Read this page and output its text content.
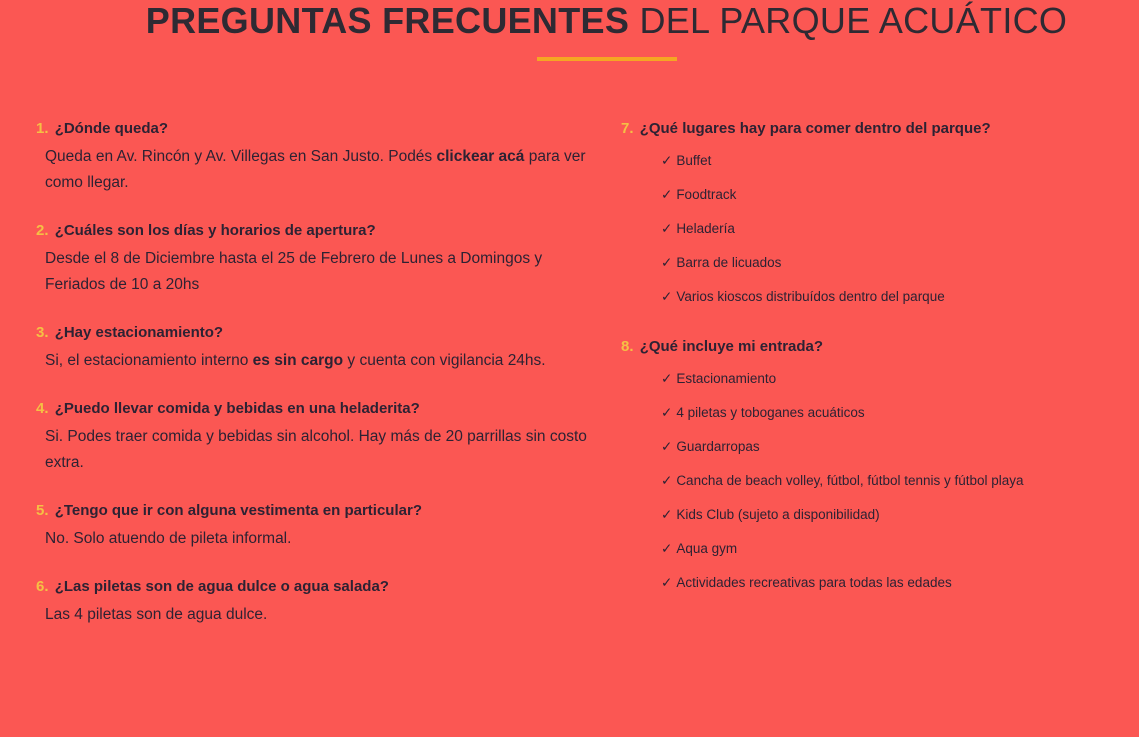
PREGUNTAS FRECUENTES DEL PARQUE ACUÁTICO
1. ¿Dónde queda?
Queda en Av. Rincón y Av. Villegas en San Justo. Podés clickear acá para ver como llegar.
2. ¿Cuáles son los días y horarios de apertura?
Desde el 8 de Diciembre hasta el 25 de Febrero de Lunes a Domingos y Feriados de 10 a 20hs
3. ¿Hay estacionamiento?
Si, el estacionamiento interno es sin cargo y cuenta con vigilancia 24hs.
4. ¿Puedo llevar comida y bebidas en una heladerita?
Si. Podes traer comida y bebidas sin alcohol. Hay más de 20 parrillas sin costo extra.
5. ¿Tengo que ir con alguna vestimenta en particular?
No. Solo atuendo de pileta informal.
6. ¿Las piletas son de agua dulce o agua salada?
Las 4 piletas son de agua dulce.
7. ¿Qué lugares hay para comer dentro del parque?
✓ Buffet
✓ Foodtrack
✓ Heladería
✓ Barra de licuados
✓ Varios kioscos distribuídos dentro del parque
8. ¿Qué incluye mi entrada?
✓ Estacionamiento
✓ 4 piletas y toboganes acuáticos
✓ Guardarropas
✓ Cancha de beach volley, fútbol, fútbol tennis y fútbol playa
✓ Kids Club (sujeto a disponibilidad)
✓ Aqua gym
✓ Actividades recreativas para todas las edades
